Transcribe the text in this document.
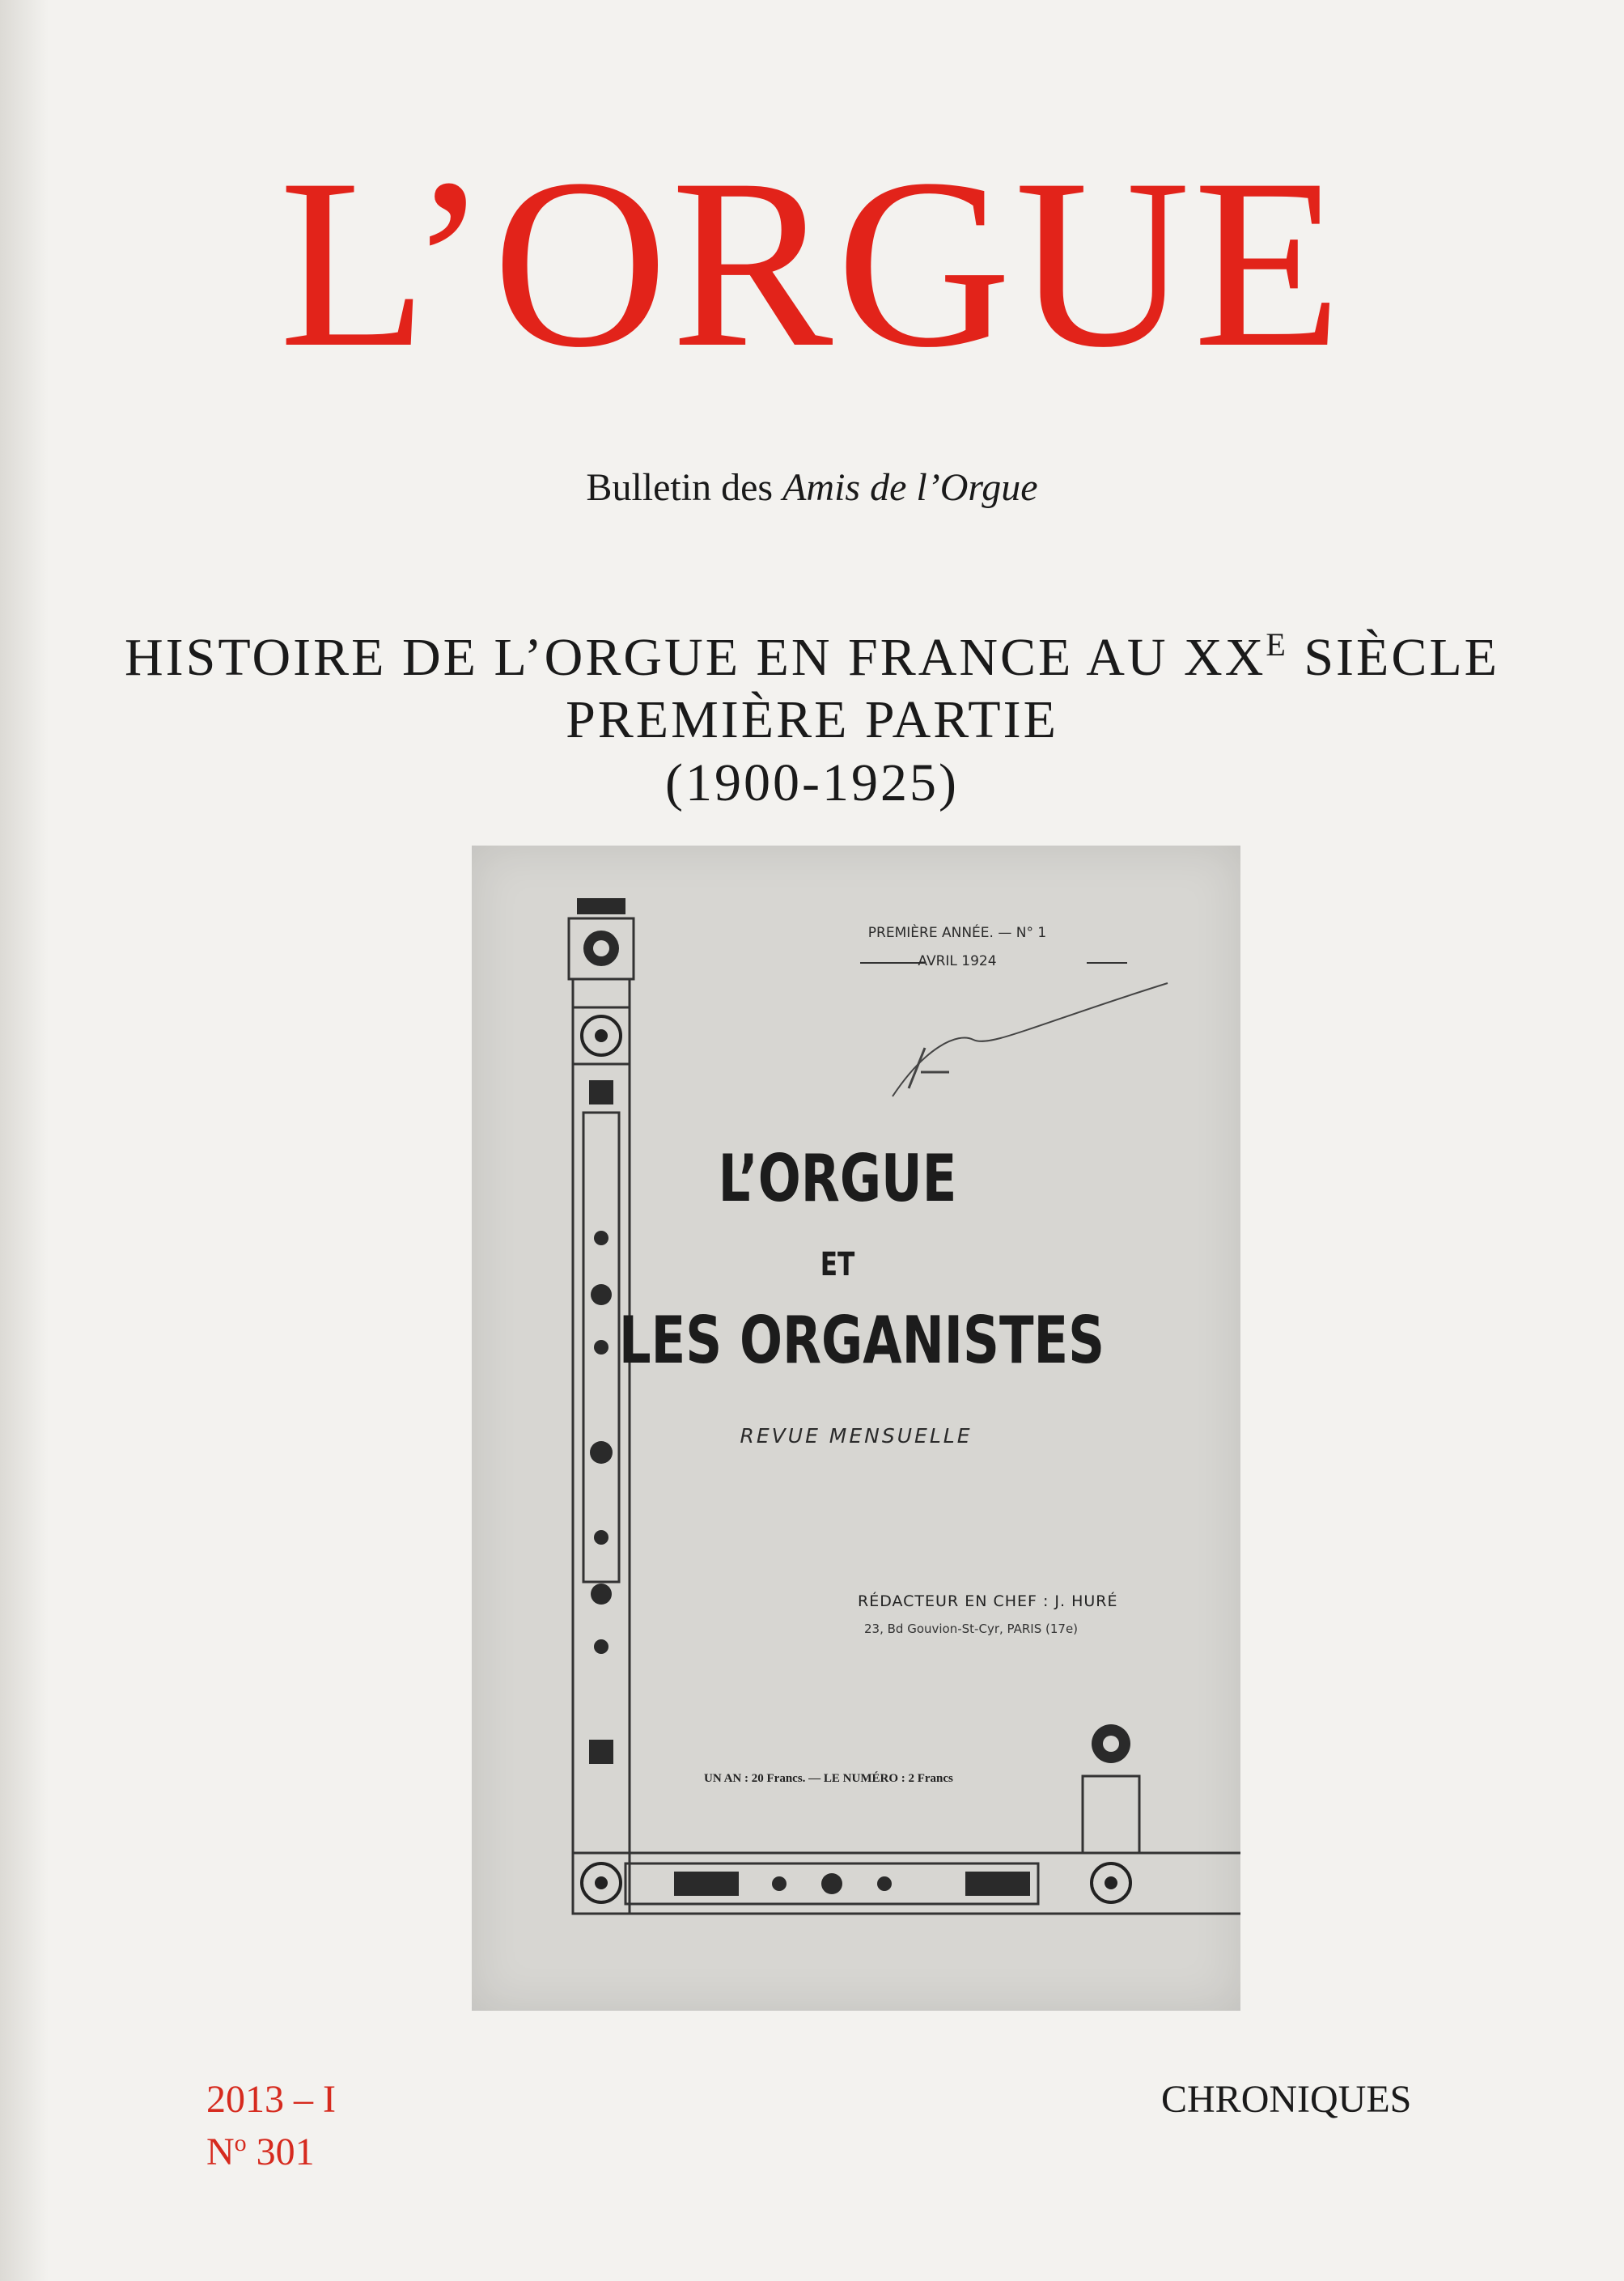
L’ORGUE
Bulletin des Amis de l’Orgue
HISTOIRE DE L’ORGUE EN FRANCE AU $XX^E$ SIÈCLE
PREMIÈRE PARTIE
(1900-1925)
PREMIÈRE ANNÉE. — N° 1
AVRIL 1924
L’ORGUE
ET
LES ORGANISTES
REVUE MENSUELLE
RÉDACTEUR EN CHEF : J. HURÉ
23, Bd Gouvion-St-Cyr, PARIS (17e)
UN AN : 20 Francs. — LE NUMÉRO : 2 Francs
2013 – I
$N^o$ 301
CHRONIQUES
